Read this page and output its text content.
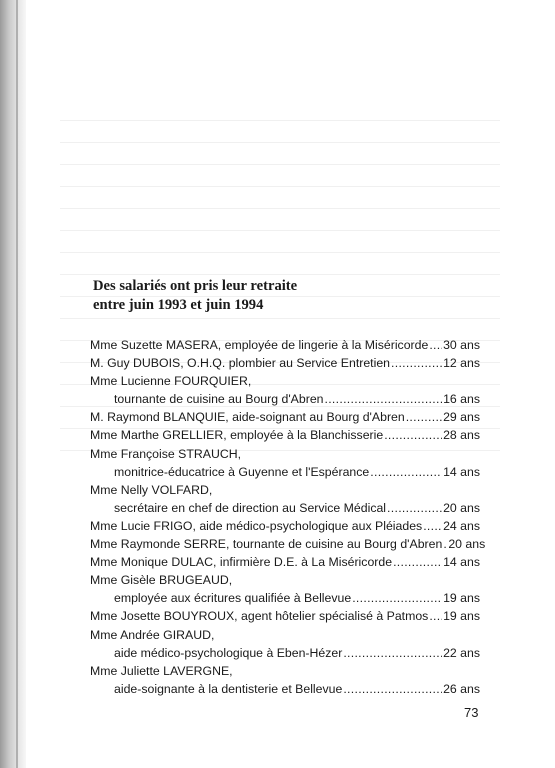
Des salariés ont pris leur retraite
entre juin 1993 et juin 1994
Mme Suzette MASERA, employée de lingerie à la Miséricorde ..... 30 ans
M. Guy DUBOIS, O.H.Q. plombier au Service Entretien .....	12 ans
Mme Lucienne FOURQUIER,
tournante de cuisine au Bourg d'Abren .....	16 ans
M. Raymond BLANQUIE, aide-soignant au Bourg d'Abren .....	29 ans
Mme Marthe GRELLIER, employée à la Blanchisserie .....	28 ans
Mme Françoise STRAUCH,
monitrice-éducatrice à Guyenne et l'Espérance .....	14 ans
Mme Nelly VOLFARD,
secrétaire en chef de direction au Service Médical .....	20 ans
Mme Lucie FRIGO, aide médico-psychologique aux Pléiades ..... 24 ans
Mme Raymonde SERRE, tournante de cuisine au Bourg d'Abren ..... 20 ans
Mme Monique DULAC, infirmière D.E. à La Miséricorde .....	14 ans
Mme Gisèle BRUGEAUD,
employée aux écritures qualifiée à Bellevue .....	19 ans
Mme Josette BOUYROUX, agent hôtelier spécialisé à Patmos ..... 19 ans
Mme Andrée GIRAUD,
aide médico-psychologique à Eben-Hézer .....	22 ans
Mme Juliette LAVERGNE,
aide-soignante à la dentisterie et Bellevue .....	26 ans
73
